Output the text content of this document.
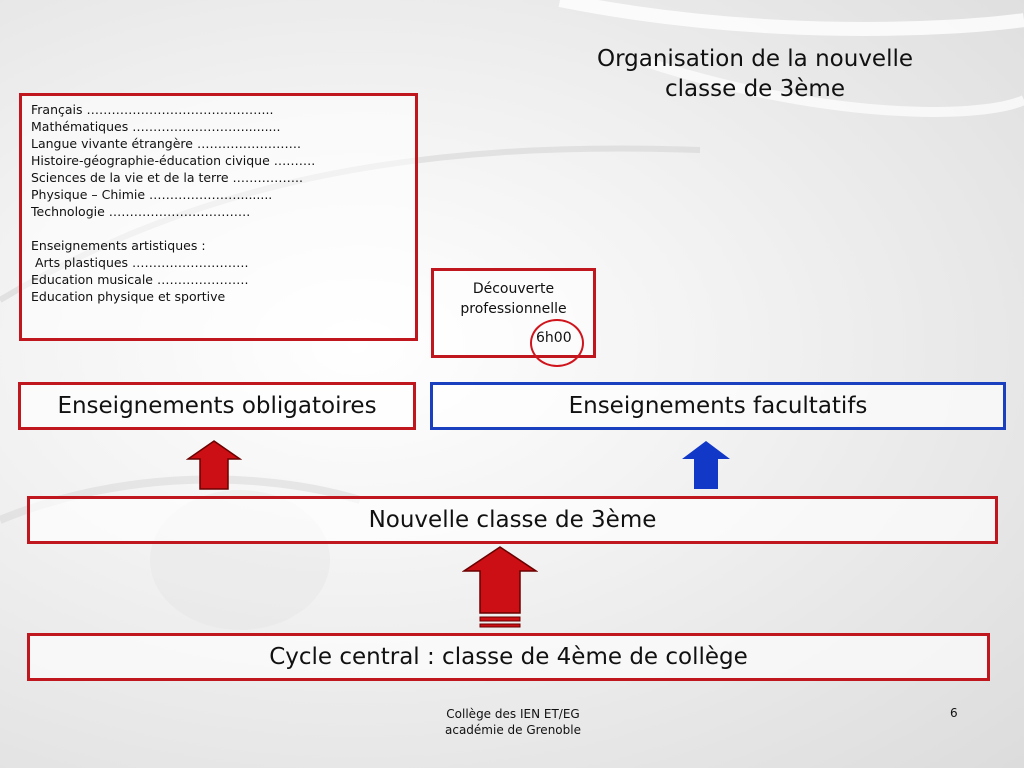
Organisation de la nouvelle
classe de 3ème
Français ……………………………………...
Mathématiques ……………………….........
Langue vivante étrangère …………………….
Histoire-géographie-éducation civique ……….
Sciences de la vie et de la terre ……………..
Physique – Chimie ………………….........
Technologie …………………………….
Enseignements artistiques :
Arts plastiques ……………………….
Education musicale ………………….
Education physique et sportive	Découverte
professionnelle
6h00
Enseignements obligatoires	Enseignements facultatifs
Nouvelle classe de 3ème
Cycle central : classe de 4ème de collège
Collège des IEN ET/EG
académie de Grenoble
6
